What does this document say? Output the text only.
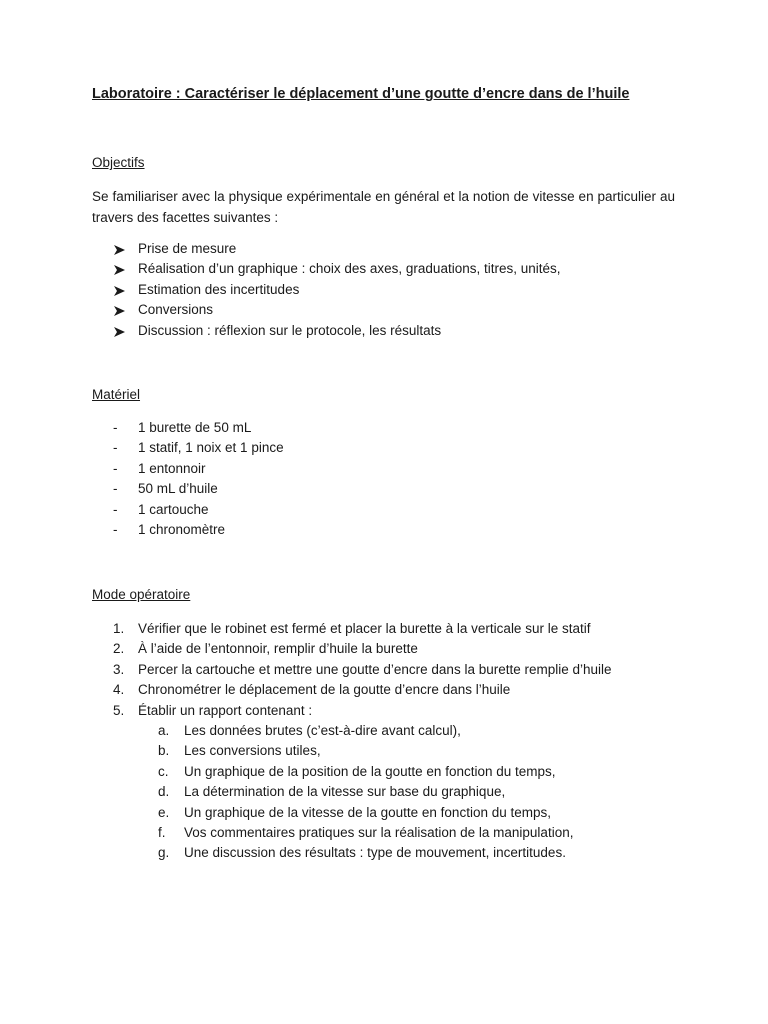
Laboratoire : Caractériser le déplacement d’une goutte d’encre dans de l’huile
Objectifs

Se familiariser avec la physique expérimentale en général et la notion de vitesse en particulier au travers des facettes suivantes :

Prise de mesure
Réalisation d’un graphique : choix des axes, graduations, titres, unités,
Estimation des incertitudes
Conversions
Discussion : réflexion sur le protocole, les résultats
Matériel
-	1 burette de 50 mL
-	1 statif, 1 noix et 1 pince
-	1 entonnoir
-	50 mL d’huile
-	1 cartouche
-	1 chronomètre
Mode opératoire
1.	Vérifier que le robinet est fermé et placer la burette à la verticale sur le statif
2.	À l’aide de l’entonnoir, remplir d’huile la burette
3.	Percer la cartouche et mettre une goutte d’encre dans la burette remplie d’huile
4.	Chronométrer le déplacement de la goutte d’encre dans l’huile
5.	Établir un rapport contenant :
a.	Les données brutes (c’est-à-dire avant calcul),
b.	Les conversions utiles,
c.	Un graphique de la position de la goutte en fonction du temps,
d.	La détermination de la vitesse sur base du graphique,
e.	Un graphique de la vitesse de la goutte en fonction du temps,
f.	Vos commentaires pratiques sur la réalisation de la manipulation,
g.	Une discussion des résultats : type de mouvement, incertitudes.
